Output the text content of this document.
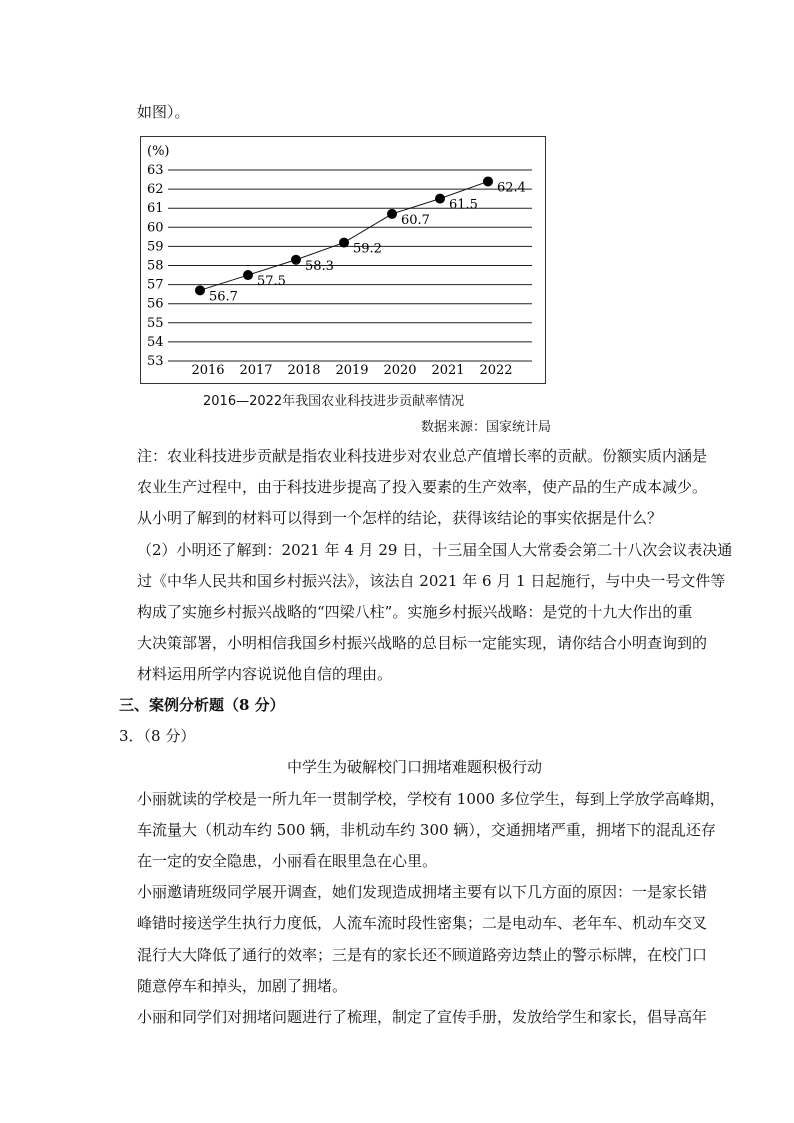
如图）。
(%)
53
54
55
56
57
58
59
60
61
62
63
2016 2017 2018 2019 2020 2021 2022
56.7
57.5
58.3
59.2
60.7
61.5
62.4
2016—2022年我国农业科技进步贡献率情况
数据来源：国家统计局
注：农业科技进步贡献是指农业科技进步对农业总产值增长率的贡献。份额实质内涵是
农业生产过程中，由于科技进步提高了投入要素的生产效率，使产品的生产成本减少。
从小明了解到的材料可以得到一个怎样的结论，获得该结论的事实依据是什么？
（2）小明还了解到：2021 年 4 月 29 日，十三届全国人大常委会第二十八次会议表决通
过《中华人民共和国乡村振兴法》，该法自 2021 年 6 月 1 日起施行，与中央一号文件等
构成了实施乡村振兴战略的“四梁八柱”。实施乡村振兴战略：是党的十九大作出的重
大决策部署，小明相信我国乡村振兴战略的总目标一定能实现，请你结合小明查询到的
材料运用所学内容说说他自信的理由。
三、案例分析题（8 分）
3．（8 分）
中学生为破解校门口拥堵难题积极行动
小丽就读的学校是一所九年一贯制学校，学校有 1000 多位学生，每到上学放学高峰期，
车流量大（机动车约 500 辆，非机动车约 300 辆），交通拥堵严重，拥堵下的混乱还存
在一定的安全隐患，小丽看在眼里急在心里。
小丽邀请班级同学展开调查，她们发现造成拥堵主要有以下几方面的原因：一是家长错
峰错时接送学生执行力度低，人流车流时段性密集；二是电动车、老年车、机动车交叉
混行大大降低了通行的效率；三是有的家长还不顾道路旁边禁止的警示标牌，在校门口
随意停车和掉头，加剧了拥堵。
小丽和同学们对拥堵问题进行了梳理，制定了宣传手册，发放给学生和家长，倡导高年
